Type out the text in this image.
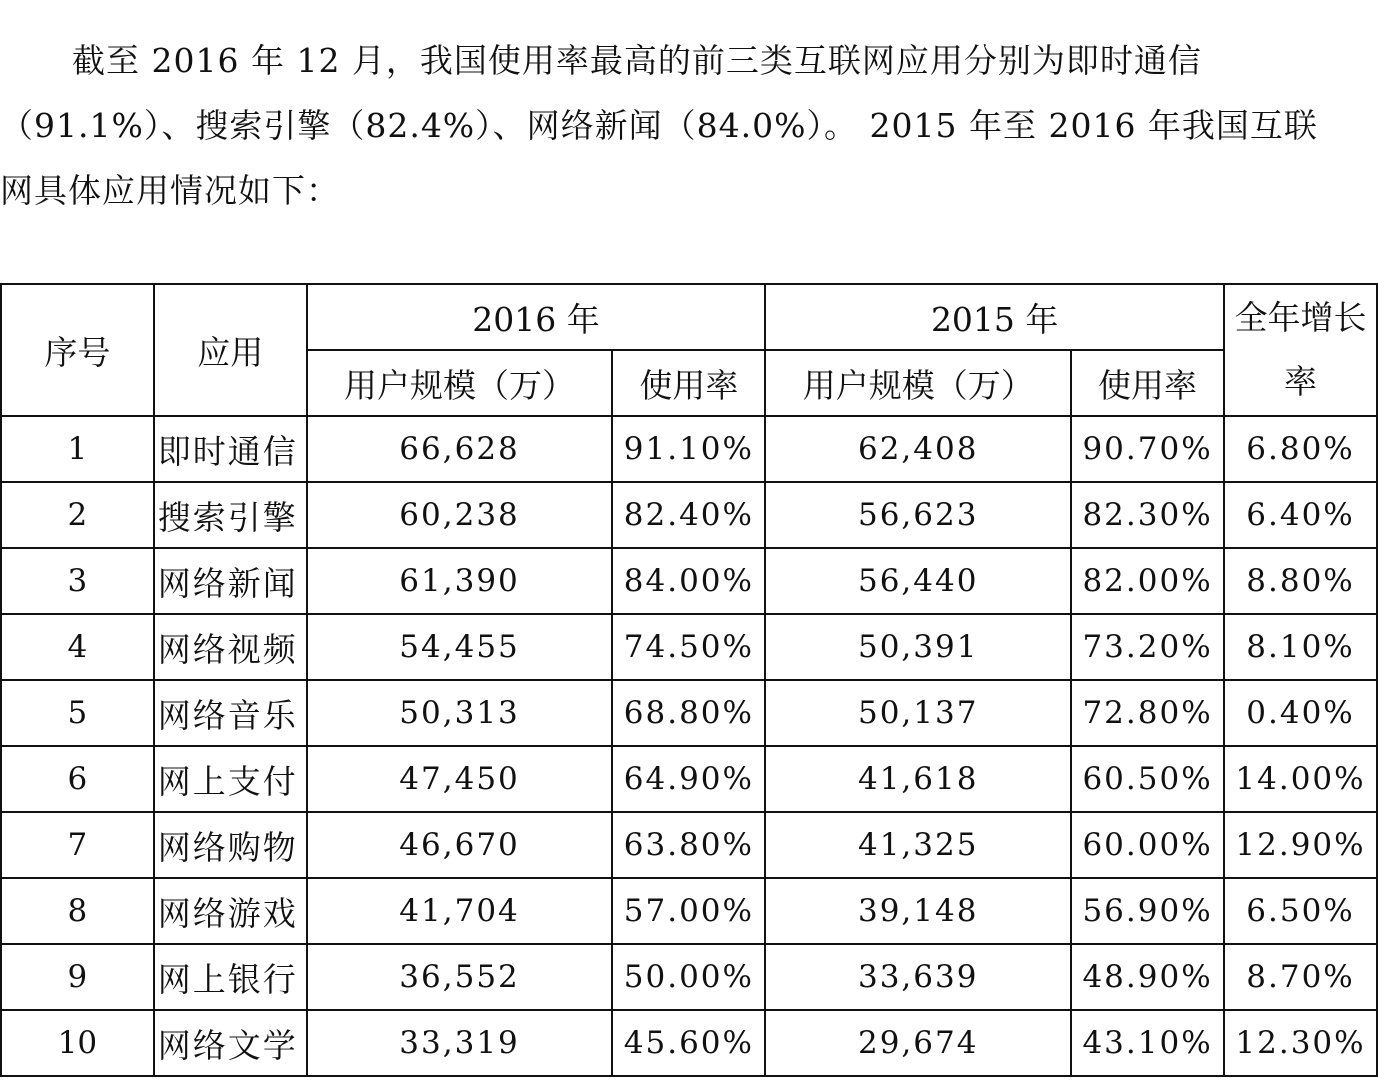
截至 2016 年 12 月，我国使用率最高的前三类互联网应用分别为即时通信
（91.1%）、搜索引擎（82.4%）、网络新闻（84.0%）。 2015 年至 2016 年我国互联
网具体应用情况如下：

序号	应用	2016 年		2015 年		全年增长率
		用户规模（万）	使用率	用户规模（万）	使用率	
1	即时通信	66,628	91.10%	62,408	90.70%	6.80%
2	搜索引擎	60,238	82.40%	56,623	82.30%	6.40%
3	网络新闻	61,390	84.00%	56,440	82.00%	8.80%
4	网络视频	54,455	74.50%	50,391	73.20%	8.10%
5	网络音乐	50,313	68.80%	50,137	72.80%	0.40%
6	网上支付	47,450	64.90%	41,618	60.50%	14.00%
7	网络购物	46,670	63.80%	41,325	60.00%	12.90%
8	网络游戏	41,704	57.00%	39,148	56.90%	6.50%
9	网上银行	36,552	50.00%	33,639	48.90%	8.70%
10	网络文学	33,319	45.60%	29,674	43.10%	12.30%
